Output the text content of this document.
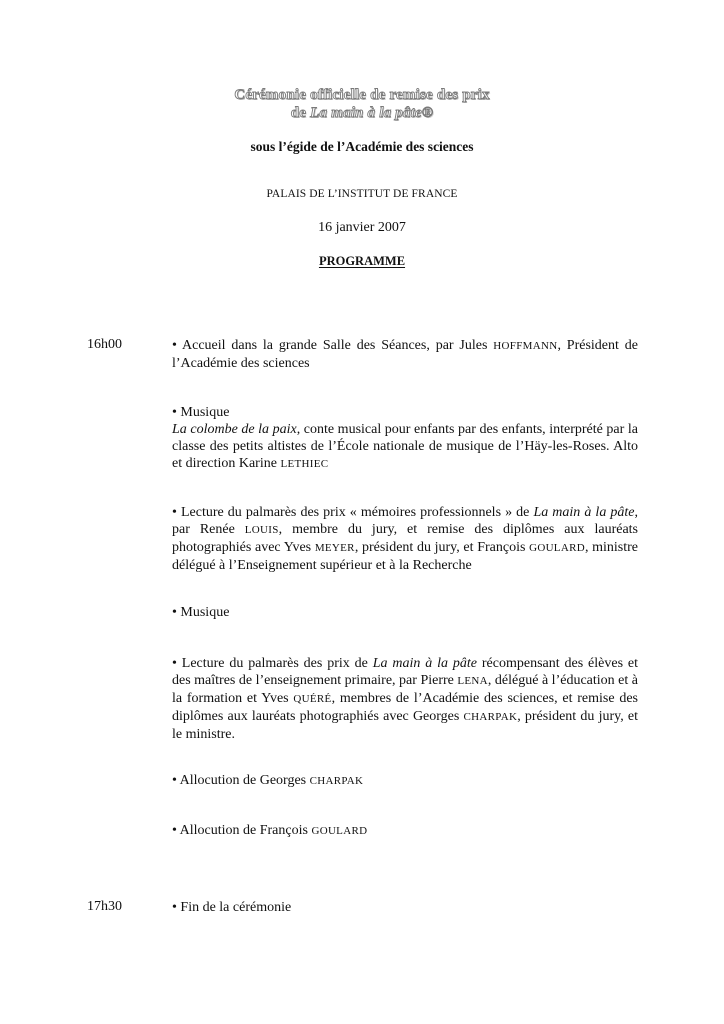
Cérémonie officielle de remise des prix
de La main à la pâte®
sous l’égide de l’Académie des sciences
PALAIS DE L’INSTITUT DE FRANCE
16 janvier 2007
PROGRAMME
16h00	• Accueil dans la grande Salle des Séances, par Jules HOFFMANN, Président de l’Académie des sciences
• Musique
La colombe de la paix, conte musical pour enfants par des enfants, interprété par la classe des petits altistes de l’École nationale de musique de l’Häy-les-Roses. Alto et direction Karine LETHIEC
• Lecture du palmarès des prix « mémoires professionnels » de La main à la pâte, par Renée LOUIS, membre du jury, et remise des diplômes aux lauréats photographiés avec Yves MEYER, président du jury, et François GOULARD, ministre délégué à l’Enseignement supérieur et à la Recherche
• Musique
• Lecture du palmarès des prix de La main à la pâte récompensant des élèves et des maîtres de l’enseignement primaire, par Pierre LENA, délégué à l’éducation et à la formation et Yves QUÉRÉ, membres de l’Académie des sciences, et remise des diplômes aux lauréats photographiés avec Georges CHARPAK, président du jury, et le ministre.
• Allocution de Georges CHARPAK
• Allocution de François GOULARD
17h30	• Fin de la cérémonie
